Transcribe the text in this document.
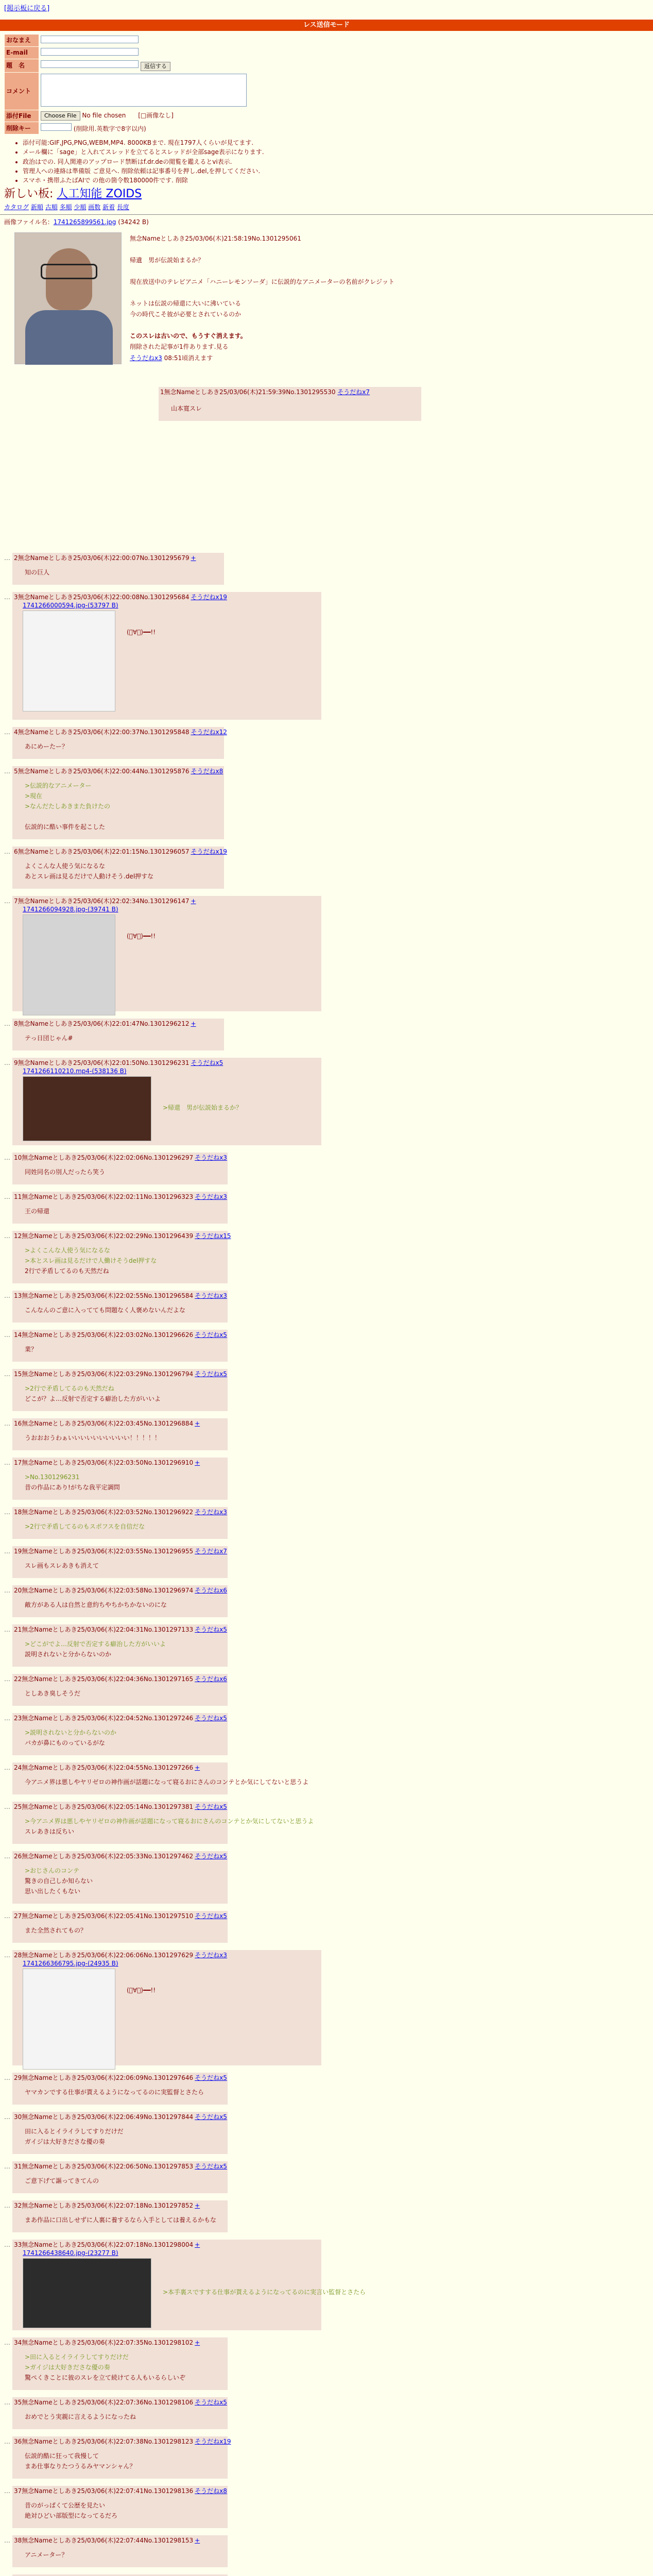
[掲示板に戻る]
レス送信モード
おなまえ	
E-mail	
題　名	返信する
コメント	
添付File	Choose File No file chosen [□画像なし]
削除キー	(削除用.英数字で8字以内)
• 添付可能:GIF,JPG,PNG,WEBM,MP4. 8000KBまで. 現在1797人くらいが見てます.
• メール欄に「sage」と入れてスレッドを立てるとスレッドが全部sage表示になります.
• 政治はでの. 同人関連のアップロード禁断はf.dr.deの閲覧を鑑えるとvi表示.
• 管理人への連絡は準備版 ご意見へ. 削除依頼は記事番号を押し.del,を押してください.
• スマホ・携帯ふたばAIで の他の箇令数180000件です. 削除
新しい板: 人工知能 ZOIDS
カタログ 新順 古順 多順 少順 画数 新着 長度
画像ファイル名：1741265899561.jpg (34242 B)
無念Nameとしあき25/03/06(木)21:58:19No.1301295061

帰遺　男が伝説始まるか？

現在放送中のテレビアニメ「ハニーレモンソーダ」に伝説的なアニメーターの名前がクレジット

ネットは伝説の帰還に大いに沸いている
今の時代こそ彼が必要とされているのか

このスレは古いので、もうすぐ消えます。
削除された記事が1件あります.見る
そうだねx3 08:51頃消えます
1無念Nameとしあき25/03/06(木)21:59:39No.1301295530 そうだねx7
山本寛スレ
… 2無念Nameとしあき25/03/06(木)22:00:07No.1301295679 +
知の巨人
… 3無念Nameとしあき25/03/06(木)22:00:08No.1301295684 そうだねx19
1741266000594.jpg-(53797 B)
(ﾟ∀ﾟ)━━!!
… 4無念Nameとしあき25/03/06(木)22:00:37No.1301295848 そうだねx12
あにめーたー？
… 5無念Nameとしあき25/03/06(木)22:00:44No.1301295876 そうだねx8
>伝説的なアニメーター
>現在
>なんだたしあきまた負けたの
伝説的に酷い事件を起こした
… 6無念Nameとしあき25/03/06(木)22:01:15No.1301296057 そうだねx19
よくこんな人使う気になるな
あとスレ画は見るだけで人動けそう.del押すな
… 7無念Nameとしあき25/03/06(木)22:02:34No.1301296147 +
1741266094928.jpg-(39741 B)
(ﾟ∀ﾟ)━━!!
… 8無念Nameとしあき25/03/06(木)22:01:47No.1301296212 +
テっ日団じゃん#
… 9無念Nameとしあき25/03/06(木)22:01:50No.1301296231 そうだねx5
1741266110210.mp4-(538136 B)
>帰還　男が伝説始まるか？
… 10無念Nameとしあき25/03/06(木)22:02:06No.1301296297 そうだねx3
同姓同名の別人だったら笑う
… 11無念Nameとしあき25/03/06(木)22:02:11No.1301296323 そうだねx3
王の帰還
… 12無念Nameとしあき25/03/06(木)22:02:29No.1301296439 そうだねx15
>よくこんな人使う気になるな
>本とスレ画は見るだけで人働けそうdel押すな
2行で矛盾してるのも天然だね
… 13無念Nameとしあき25/03/06(木)22:02:55No.1301296584 そうだねx3
こんなんのご意に入ってても問題なく人褒めないんだよな
… 14無念Nameとしあき25/03/06(木)22:03:02No.1301296626 そうだねx5
業？
… 15無念Nameとしあき25/03/06(木)22:03:29No.1301296794 そうだねx5
>2行で矛盾してるのも天然だね
どこが？よ…反射で否定する癖治した方がいいよ
… 16無念Nameとしあき25/03/06(木)22:03:45No.1301296884 +
うおおおうわぁいいいいいいいいいい！！！！！
… 17無念Nameとしあき25/03/06(木)22:03:50No.1301296910 +
>No.1301296231
昔の作品にあり!がちな我平定調問
… 18無念Nameとしあき25/03/06(木)22:03:52No.1301296922 そうだねx3
>2行で矛盾してるのもスポフスを自信だな
… 19無念Nameとしあき25/03/06(木)22:03:55No.1301296955 そうだねx7
スレ画もスレあきも消えて
… 20無念Nameとしあき25/03/06(木)22:03:58No.1301296974 そうだねx6
敵方がある人は自然と意約ちやちかちかないのにな
… 21無念Nameとしあき25/03/06(木)22:04:31No.1301297133 そうだねx5
>どこがでよ…反射で否定する癖治した方がいいよ
説明されないと分からないのか
… 22無念Nameとしあき25/03/06(木)22:04:36No.1301297165 そうだねx6
としあき臭しそうだ
… 23無念Nameとしあき25/03/06(木)22:04:52No.1301297246 そうだねx5
>説明されないと分からないのか
バカが鼻にものっているがな
… 24無念Nameとしあき25/03/06(木)22:04:55No.1301297266 +
今アニメ界は悪しやヤリゼロの神作画が話題になって寝るおにさんのコンテとか気にしてないと思うよ
… 25無念Nameとしあき25/03/06(木)22:05:14No.1301297381 そうだねx5
>今アニメ界は悪しやヤリゼロの神作画が話題になって寝るおにさんのコンテとか気にしてないと思うよ
スレあきは反ちい
… 26無念Nameとしあき25/03/06(木)22:05:33No.1301297462 そうだねx5
>おじさんのコンテ
驚きの自己しか知らない
思い出したくもない
… 27無念Nameとしあき25/03/06(木)22:05:41No.1301297510 そうだねx5
また全然されてもの？
… 28無念Nameとしあき25/03/06(木)22:06:06No.1301297629 そうだねx3
1741266366795.jpg-(24935 B)
(ﾟ∀ﾟ)━━!!
… 29無念Nameとしあき25/03/06(木)22:06:09No.1301297646 そうだねx5
ヤマカンでする仕事が貰えるようになってるのに実監督とさたら
… 30無念Nameとしあき25/03/06(木)22:06:49No.1301297844 そうだねx5
田に入るとイライラしてすりだけだ
ガイジは大好きださな優の奏
… 31無念Nameとしあき25/03/06(木)22:06:50No.1301297853 そうだねx5
ご意下げて謳ってきてんの
… 32無念Nameとしあき25/03/06(木)22:07:18No.1301297852 +
まあ作品に口出しせずに人裏に養するなら入手としては養えるかもな
… 33無念Nameとしあき25/03/06(木)22:07:18No.1301298004 +
1741266438640.jpg-(23277 B)
>本手裏スですする仕事が貰えるようになってるのに実言い監督とさたら
… 34無念Nameとしあき25/03/06(木)22:07:35No.1301298102 +
>田に入るとイライラしてすりだけだ
>ガイジは大好きださな優の奏
驚ぺくきことに彼のスレを立て続けてる人もいるらしいぞ
… 35無念Nameとしあき25/03/06(木)22:07:36No.1301298106 そうだねx5
おめでとう実親に言えるようになったね
… 36無念Nameとしあき25/03/06(木)22:07:38No.1301298123 そうだねx19
伝説的酷に狂って我慢して
まあ仕事なりたつうるみヤマンシャん？
… 37無念Nameとしあき25/03/06(木)22:07:41No.1301298136 そうだねx8
昔のがっぱくて公歴を見たい
絶対ひどい部版型になってるだろ
… 38無念Nameとしあき25/03/06(木)22:07:44No.1301298153 +
アニメーター？
